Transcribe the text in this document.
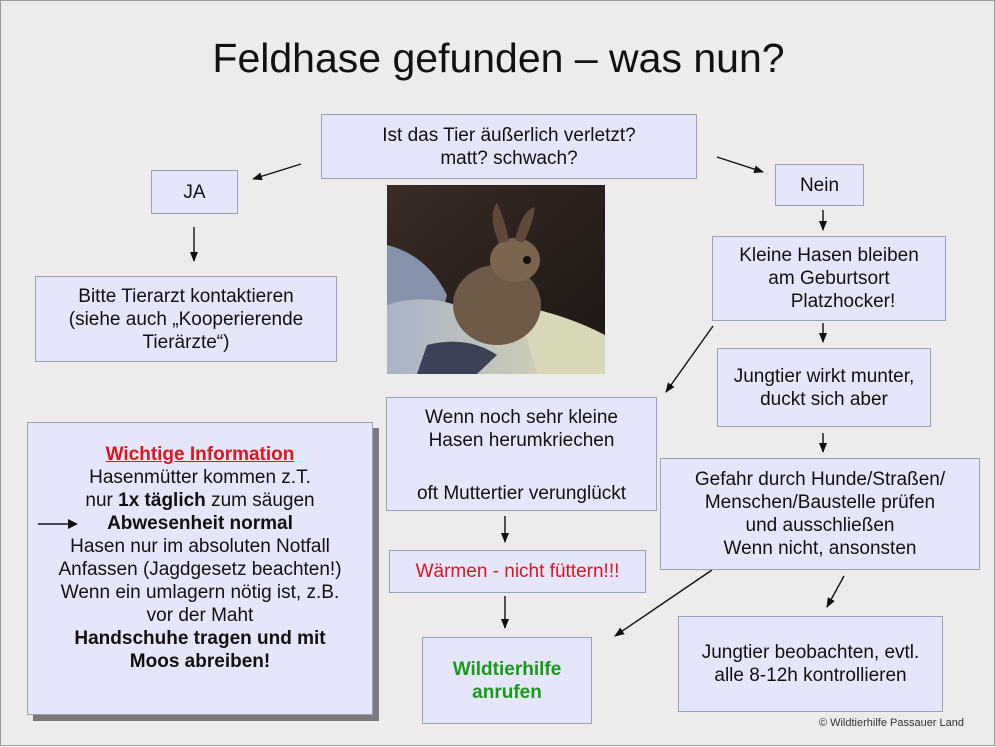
Feldhase gefunden – was nun?
Ist das Tier äußerlich verletzt?
matt? schwach?
JA	Nein
Bitte Tierarzt kontaktieren
(siehe auch „Kooperierende
Tierärzte“)
Kleine Hasen bleiben
am Geburtsort
Platzhocker!
Jungtier wirkt munter,
duckt sich aber
Gefahr durch Hunde/Straßen/
Menschen/Baustelle prüfen
und ausschließen
Wenn nicht, ansonsten
Jungtier beobachten, evtl.
alle 8-12h kontrollieren
Wenn noch sehr kleine
Hasen herumkriechen
oft Muttertier verunglückt
Wärmen - nicht füttern!!!
Wildtierhilfe
anrufen
Wichtige Information
Hasenmütter kommen z.T.
nur 1x täglich zum säugen
Abwesenheit normal
Hasen nur im absoluten Notfall
Anfassen (Jagdgesetz beachten!)
Wenn ein umlagern nötig ist, z.B.
vor der Maht
Handschuhe tragen und mit
Moos abreiben!
© Wildtierhilfe Passauer Land
